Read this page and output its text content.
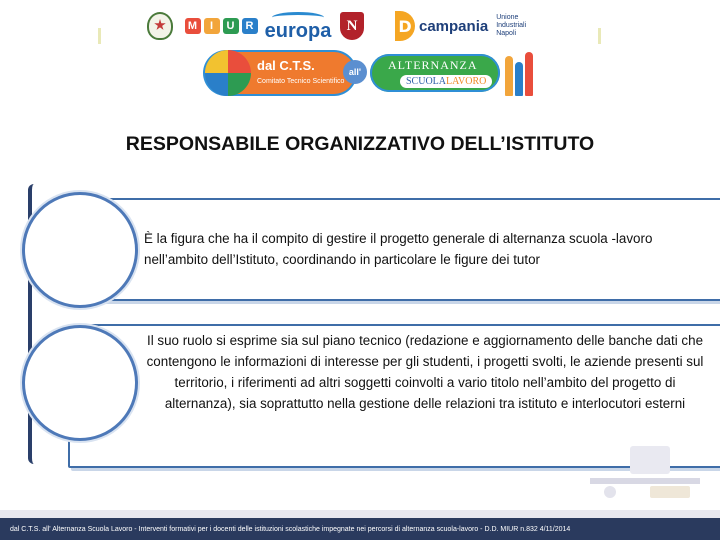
M	I	U	R europa	N	D campania Unione Industriali Napoli
dal C.T.S.
Comitato Tecnico Scientifico
all'	ALTERNANZA
SCUOLALAVORO
RESPONSABILE ORGANIZZATIVO DELL’ISTITUTO

È la figura che ha il compito di gestire il progetto generale di alternanza scuola -lavoro nell’ambito dell’Istituto, coordinando in particolare le figure dei tutor

Il suo ruolo si esprime sia sul piano tecnico (redazione e aggiornamento delle banche dati che contengono le informazioni di interesse per gli studenti, i progetti svolti, le aziende presenti sul territorio, i riferimenti ad altri soggetti coinvolti a vario titolo nell’ambito del progetto di alternanza), sia soprattutto nella gestione delle relazioni tra istituto e interlocutori esterni

dal C.T.S. all' Alternanza Scuola Lavoro - Interventi formativi per i docenti delle istituzioni scolastiche impegnate nei percorsi di alternanza scuola-lavoro - D.D. MIUR n.832 4/11/2014
